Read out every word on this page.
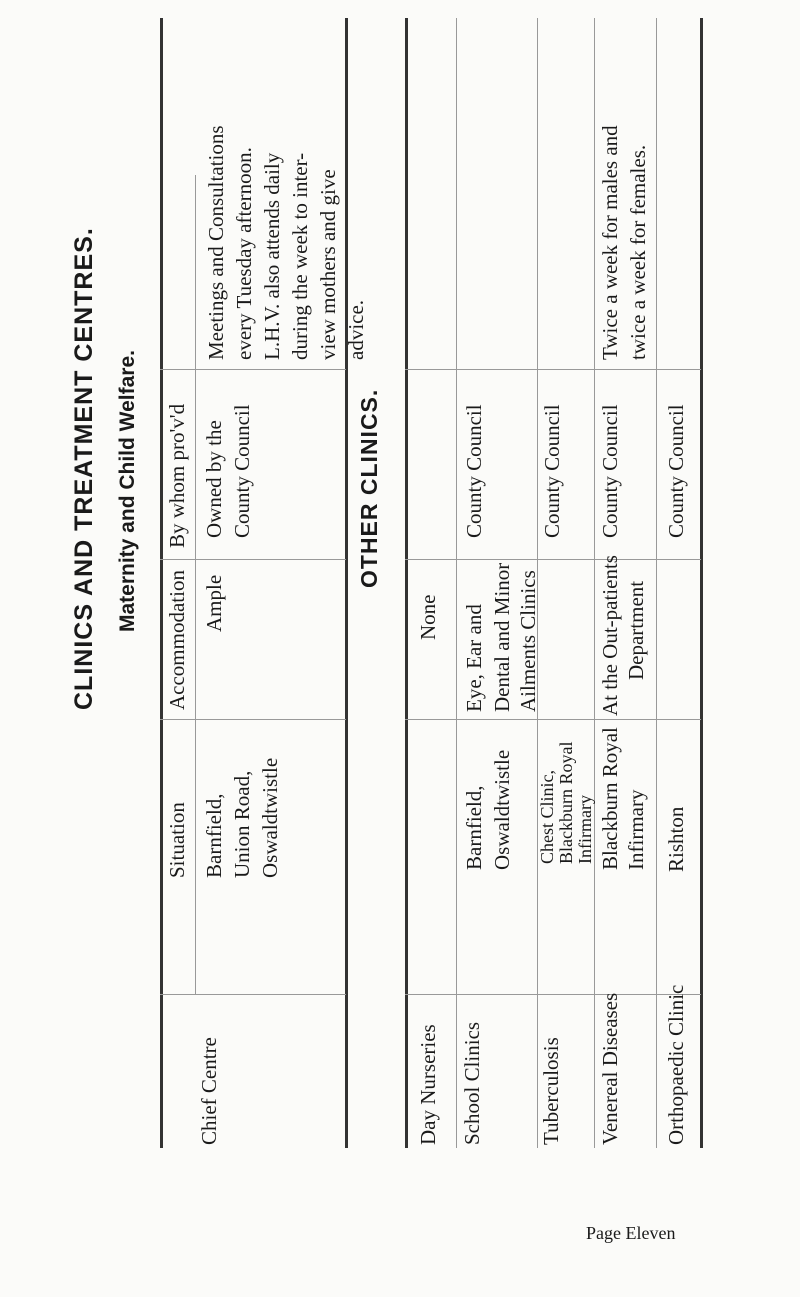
CLINICS AND TREATMENT CENTRES. Maternity and Child Welfare.
Situation
Accommodation
By whom pro'v'd
Chief Centre
Barnfield, Union Road, Oswaldtwistle
Ample
Owned by the County Council
Meetings and Consultations every Tuesday afternoon. L.H.V. also attends daily during the week to inter- view mothers and give advice.
OTHER CLINICS.
Day Nurseries
None
School Clinics
Barnfield, Oswaldtwistle
Eye, Ear and Dental and Minor Ailments Clinics
County Council
Tuberculosis
Chest Clinic, Blackburn Royal Infirmary
County Council
Venereal Diseases
Blackburn Royal Infirmary
At the Out-patients Department
County Council
Twice a week for males and twice a week for females.
Orthopaedic Clinic
Rishton
County Council
Page Eleven
